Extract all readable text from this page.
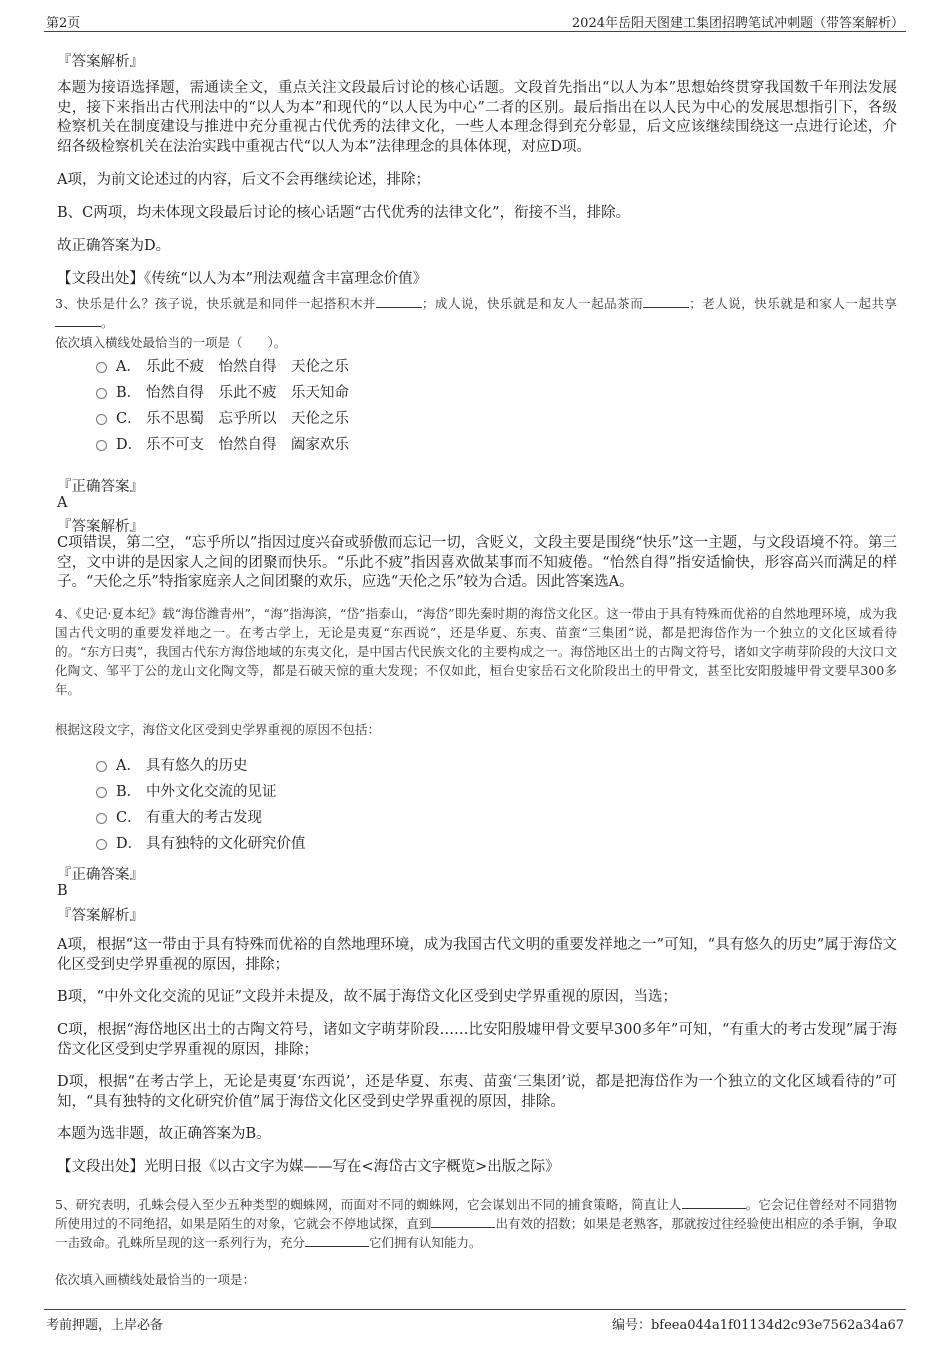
第2页	2024年岳阳天图建工集团招聘笔试冲刺题（带答案解析）
『答案解析』
本题为接语选择题，需通读全文，重点关注文段最后讨论的核心话题。文段首先指出“以人为本”思想始终贯穿我国数千年刑法发展史，接下来指出古代刑法中的“以人为本”和现代的“以人民为中心”二者的区别。最后指出在以人民为中心的发展思想指引下，各级检察机关在制度建设与推进中充分重视古代优秀的法律文化，一些人本理念得到充分彰显，后文应该继续围绕这一点进行论述，介绍各级检察机关在法治实践中重视古代“以人为本”法律理念的具体体现，对应D项。
A项，为前文论述过的内容，后文不会再继续论述，排除；
B、C两项，均未体现文段最后讨论的核心话题“古代优秀的法律文化”，衔接不当，排除。
故正确答案为D。
【文段出处】《传统“以人为本”刑法观蕴含丰富理念价值》
3、快乐是什么？孩子说，快乐就是和同伴一起搭积木并	；成人说，快乐就是和友人一起品茶而	；老人说，快乐就是和家人一起共享。
依次填入横线处最恰当的一项是（　　）。
A． 乐此不疲　怡然自得　天伦之乐
B． 怡然自得　乐此不疲　乐天知命
C． 乐不思蜀　忘乎所以　天伦之乐
D． 乐不可支　怡然自得　阖家欢乐
『正确答案』
A
『答案解析』
C项错误，第二空，“忘乎所以”指因过度兴奋或骄傲而忘记一切，含贬义，文段主要是围绕“快乐”这一主题，与文段语境不符。第三空，文中讲的是因家人之间的团聚而快乐。“乐此不疲”指因喜欢做某事而不知疲倦。“怡然自得”指安适愉快，形容高兴而满足的样子。“天伦之乐”特指家庭亲人之间团聚的欢乐，应选“天伦之乐”较为合适。因此答案选A。
4、《史记·夏本纪》载“海岱潍青州”，“海”指海滨，“岱”指泰山，“海岱”即先秦时期的海岱文化区。这一带由于具有特殊而优裕的自然地理环境，成为我国古代文明的重要发祥地之一。在考古学上，无论是夷夏“东西说”，还是华夏、东夷、苗蛮“三集团”说，都是把海岱作为一个独立的文化区域看待的。“东方曰夷”，我国古代东方海岱地域的东夷文化，是中国古代民族文化的主要构成之一。海岱地区出土的古陶文符号，诸如文字萌芽阶段的大汶口文化陶文、邹平丁公的龙山文化陶文等，都是石破天惊的重大发现；不仅如此，桓台史家岳石文化阶段出土的甲骨文，甚至比安阳殷墟甲骨文要早300多年。
根据这段文字，海岱文化区受到史学界重视的原因不包括：
A． 具有悠久的历史
B． 中外文化交流的见证
C． 有重大的考古发现
D． 具有独特的文化研究价值
『正确答案』
B
『答案解析』
A项，根据“这一带由于具有特殊而优裕的自然地理环境，成为我国古代文明的重要发祥地之一”可知，“具有悠久的历史”属于海岱文化区受到史学界重视的原因，排除；
B项，“中外文化交流的见证”文段并未提及，故不属于海岱文化区受到史学界重视的原因，当选；
C项，根据“海岱地区出土的古陶文符号，诸如文字萌芽阶段……比安阳殷墟甲骨文要早300多年”可知，“有重大的考古发现”属于海岱文化区受到史学界重视的原因，排除；
D项，根据“在考古学上，无论是夷夏‘东西说’，还是华夏、东夷、苗蛮‘三集团’说，都是把海岱作为一个独立的文化区域看待的”可知，“具有独特的文化研究价值”属于海岱文化区受到史学界重视的原因，排除。
本题为选非题，故正确答案为B。
【文段出处】光明日报《以古文字为媒——写在<海岱古文字概览>出版之际》
5、研究表明，孔蛛会侵入至少五种类型的蜘蛛网，而面对不同的蜘蛛网，它会谋划出不同的捕食策略，简直让人	。它会记住曾经对不同猎物所使用过的不同绝招，如果是陌生的对象，它就会不停地试探，直到	出有效的招数；如果是老熟客，那就按过往经验使出相应的杀手锏，争取一击致命。孔蛛所呈现的这一系列行为，充分	它们拥有认知能力。
依次填入画横线处最恰当的一项是：
考前押题，上岸必备	编号：bfeea044a1f01134d2c93e7562a34a67
